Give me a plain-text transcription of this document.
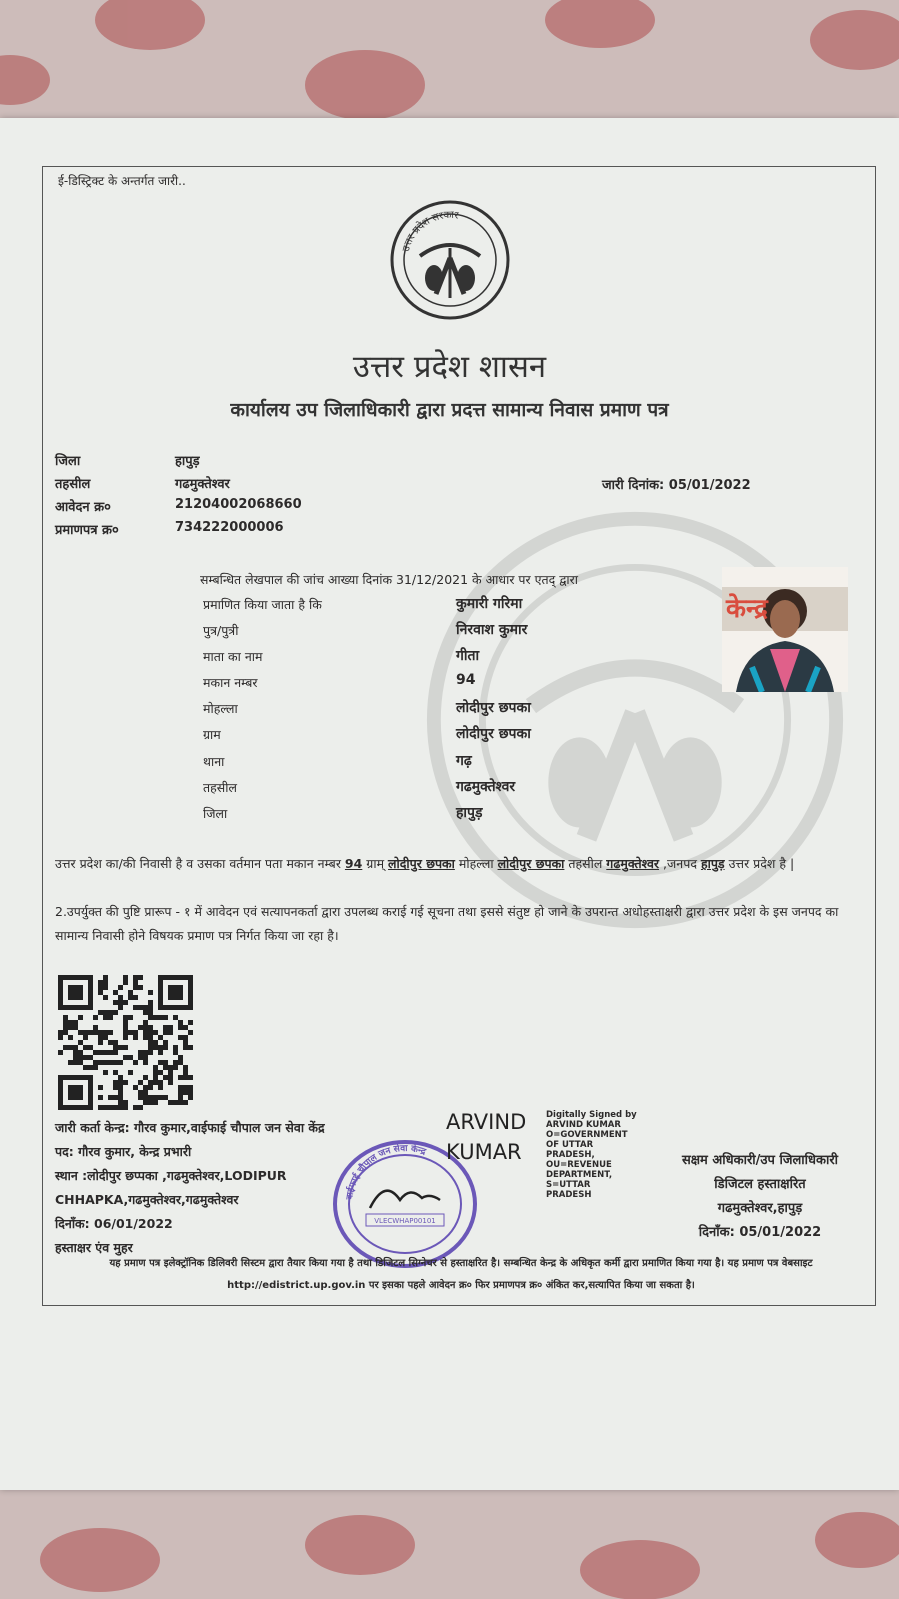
ई-डिस्ट्रिक्ट के अन्तर्गत जारी..
उत्तर प्रदेश सरकार
उत्तर प्रदेश शासन
कार्यालय उप जिलाधिकारी द्वारा प्रदत्त सामान्य निवास प्रमाण पत्र
जिला	हापुड़
तहसील	गढमुक्तेश्वर
आवेदन क्र०	21204002068660
प्रमाणपत्र क्र०	734222000006
जारी दिनांक: 05/01/2022
सम्बन्धित लेखपाल की जांच आख्या दिनांक 31/12/2021 के आधार पर एतद् द्वारा
केन्द्र
प्रमाणित किया जाता है कि	कुमारी गरिमा
पुत्र/पुत्री	निरवाश कुमार
माता का नाम	गीता
मकान नम्बर	94
मोहल्ला	लोदीपुर छपका
ग्राम	लोदीपुर छपका
थाना	गढ़
तहसील	गढमुक्तेश्वर
जिला	हापुड़
उत्तर प्रदेश का/की निवासी है व उसका वर्तमान पता मकान नम्बर 94 ग्राम् लोदीपुर छपका मोहल्ला लोदीपुर छपका तहसील गढमुक्तेश्वर ,जनपद हापुड़ उत्तर प्रदेश है |
2.उपर्युक्त की पुष्टि प्रारूप - १ में आवेदन एवं सत्यापनकर्ता द्वारा उपलब्ध कराई गई सूचना तथा इससे संतुष्ट हो जाने के उपरान्त अधोहस्ताक्षरी द्वारा उत्तर प्रदेश के इस जनपद का सामान्य निवासी होने विषयक प्रमाण पत्र निर्गत किया जा रहा है।
जारी कर्ता केन्द्र: गौरव कुमार,वाईफाई चौपाल जन सेवा केंद्र
पद: गौरव कुमार, केन्द्र प्रभारी
स्थान :लोदीपुर छप्पका ,गढमुक्तेश्वर,LODIPUR
CHHAPKA,गढमुक्तेश्वर,गढमुक्तेश्वर
दिनाँक: 06/01/2022
हस्ताक्षर एंव मुहर
वाईफाई चौपाल जन सेवा केन्द्र
VLECWHAP00101
ARVIND
KUMAR
Digitally Signed by
ARVIND KUMAR
O=GOVERNMENT
OF UTTAR
PRADESH,
OU=REVENUE
DEPARTMENT,
S=UTTAR
PRADESH
सक्षम अधिकारी/उप जिलाधिकारी
डिजिटल हस्ताक्षरित
गढमुक्तेश्वर,हापुड़
दिनाँक: 05/01/2022
यह प्रमाण पत्र इलेक्ट्रॉनिक डिलिवरी सिस्टम द्वारा तैयार किया गया है तथा डिजिटल सिग्नेचर से हस्ताक्षरित है। सम्बन्धित केन्द्र के अधिकृत कर्मी द्वारा प्रमाणित किया गया है। यह प्रमाण पत्र वेबसाइट http://edistrict.up.gov.in पर इसका पहले आवेदन क्र० फिर प्रमाणपत्र क्र० अंकित कर,सत्यापित किया जा सकता है।
